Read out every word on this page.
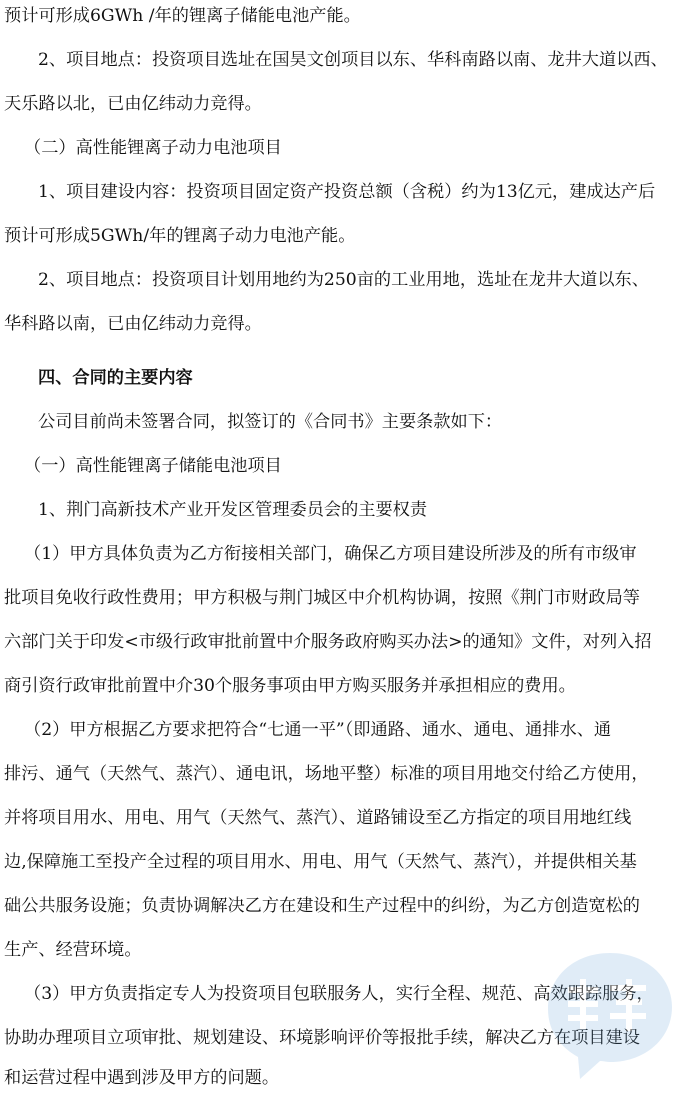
预计可形成6GWh /年的锂离子储能电池产能。
2、项目地点：投资项目选址在国昊文创项目以东、华科南路以南、龙井大道以西、
天乐路以北，已由亿纬动力竞得。
（二）高性能锂离子动力电池项目
1、项目建设内容：投资项目固定资产投资总额（含税）约为13亿元，建成达产后
预计可形成5GWh/年的锂离子动力电池产能。
2、项目地点：投资项目计划用地约为250亩的工业用地，选址在龙井大道以东、
华科路以南，已由亿纬动力竞得。
四、合同的主要内容
公司目前尚未签署合同，拟签订的《合同书》主要条款如下：
（一）高性能锂离子储能电池项目
1、荆门高新技术产业开发区管理委员会的主要权责
（1）甲方具体负责为乙方衔接相关部门，确保乙方项目建设所涉及的所有市级审
批项目免收行政性费用；甲方积极与荆门城区中介机构协调，按照《荆门市财政局等
六部门关于印发<市级行政审批前置中介服务政府购买办法>的通知》文件，对列入招
商引资行政审批前置中介30个服务事项由甲方购买服务并承担相应的费用。
（2）甲方根据乙方要求把符合“七通一平”（即通路、通水、通电、通排水、通
排污、通气（天然气、蒸汽）、通电讯，场地平整）标准的项目用地交付给乙方使用，
并将项目用水、用电、用气（天然气、蒸汽）、道路铺设至乙方指定的项目用地红线
边,保障施工至投产全过程的项目用水、用电、用气（天然气、蒸汽），并提供相关基
础公共服务设施；负责协调解决乙方在建设和生产过程中的纠纷，为乙方创造宽松的
生产、经营环境。
（3）甲方负责指定专人为投资项目包联服务人，实行全程、规范、高效跟踪服务，
协助办理项目立项审批、规划建设、环境影响评价等报批手续，解决乙方在项目建设
和运营过程中遇到涉及甲方的问题。
